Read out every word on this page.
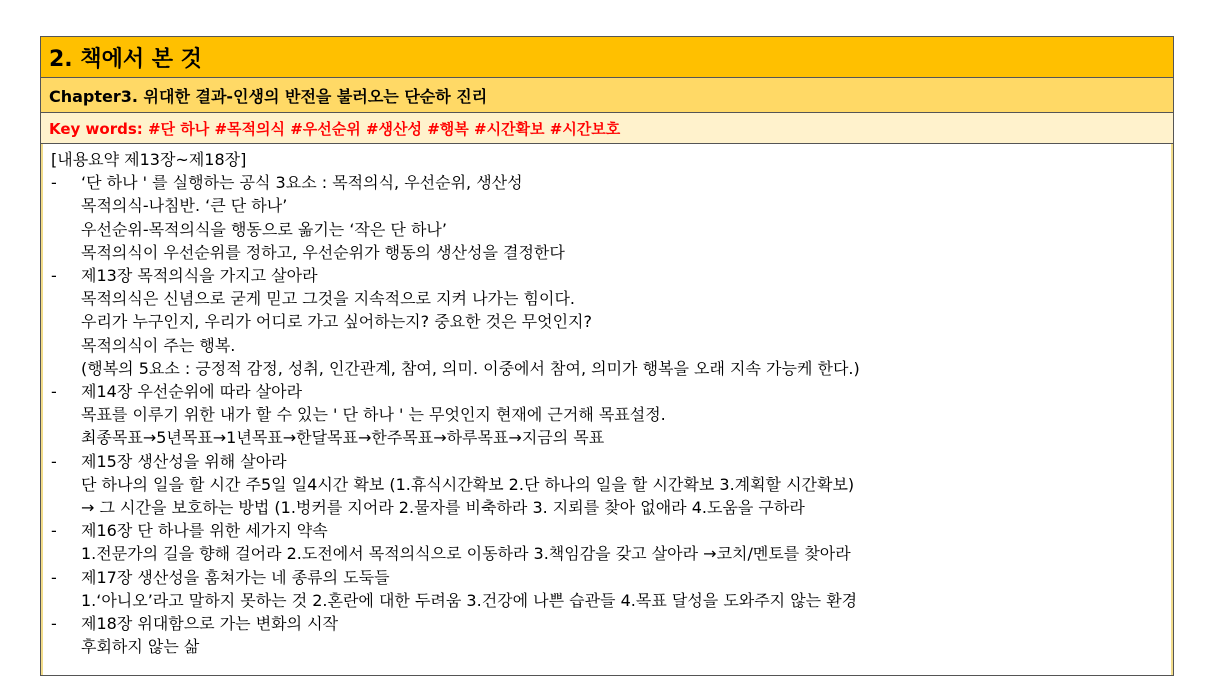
2. 책에서 본 것
Chapter3. 위대한 결과-인생의 반전을 불러오는 단순하 진리
Key words: #단 하나 #목적의식 #우선순위 #생산성 #행복 #시간확보 #시간보호
[내용요약 제13장~제18장]
-	‘단 하나 ' 를 실행하는 공식 3요소 : 목적의식, 우선순위, 생산성
목적의식-나침반. ‘큰 단 하나’
우선순위-목적의식을 행동으로 옮기는 ‘작은 단 하나’
목적의식이 우선순위를 정하고, 우선순위가 행동의 생산성을 결정한다
-	제13장 목적의식을 가지고 살아라
목적의식은 신념으로 굳게 믿고 그것을 지속적으로 지켜 나가는 힘이다.
우리가 누구인지, 우리가 어디로 가고 싶어하는지? 중요한 것은 무엇인지?
목적의식이 주는 행복.
(행복의 5요소 : 긍정적 감정, 성취, 인간관계, 참여, 의미. 이중에서 참여, 의미가 행복을 오래 지속 가능케 한다.)
-	제14장 우선순위에 따라 살아라
목표를 이루기 위한 내가 할 수 있는 ' 단 하나 ' 는 무엇인지 현재에 근거해 목표설정.
최종목표→5년목표→1년목표→한달목표→한주목표→하루목표→지금의 목표
-	제15장 생산성을 위해 살아라
단 하나의 일을 할 시간 주5일 일4시간 확보 (1.휴식시간확보 2.단 하나의 일을 할 시간확보 3.계획할 시간확보)
→ 그 시간을 보호하는 방법 (1.벙커를 지어라 2.물자를 비축하라 3. 지뢰를 찾아 없애라 4.도움을 구하라
-	제16장 단 하나를 위한 세가지 약속
1.전문가의 길을 향해 걸어라 2.도전에서 목적의식으로 이동하라 3.책임감을 갖고 살아라 →코치/멘토를 찾아라
-	제17장 생산성을 훔쳐가는 네 종류의 도둑들
1.‘아니오’라고 말하지 못하는 것 2.혼란에 대한 두려움 3.건강에 나쁜 습관들 4.목표 달성을 도와주지 않는 환경
-	제18장 위대함으로 가는 변화의 시작
후회하지 않는 삶
